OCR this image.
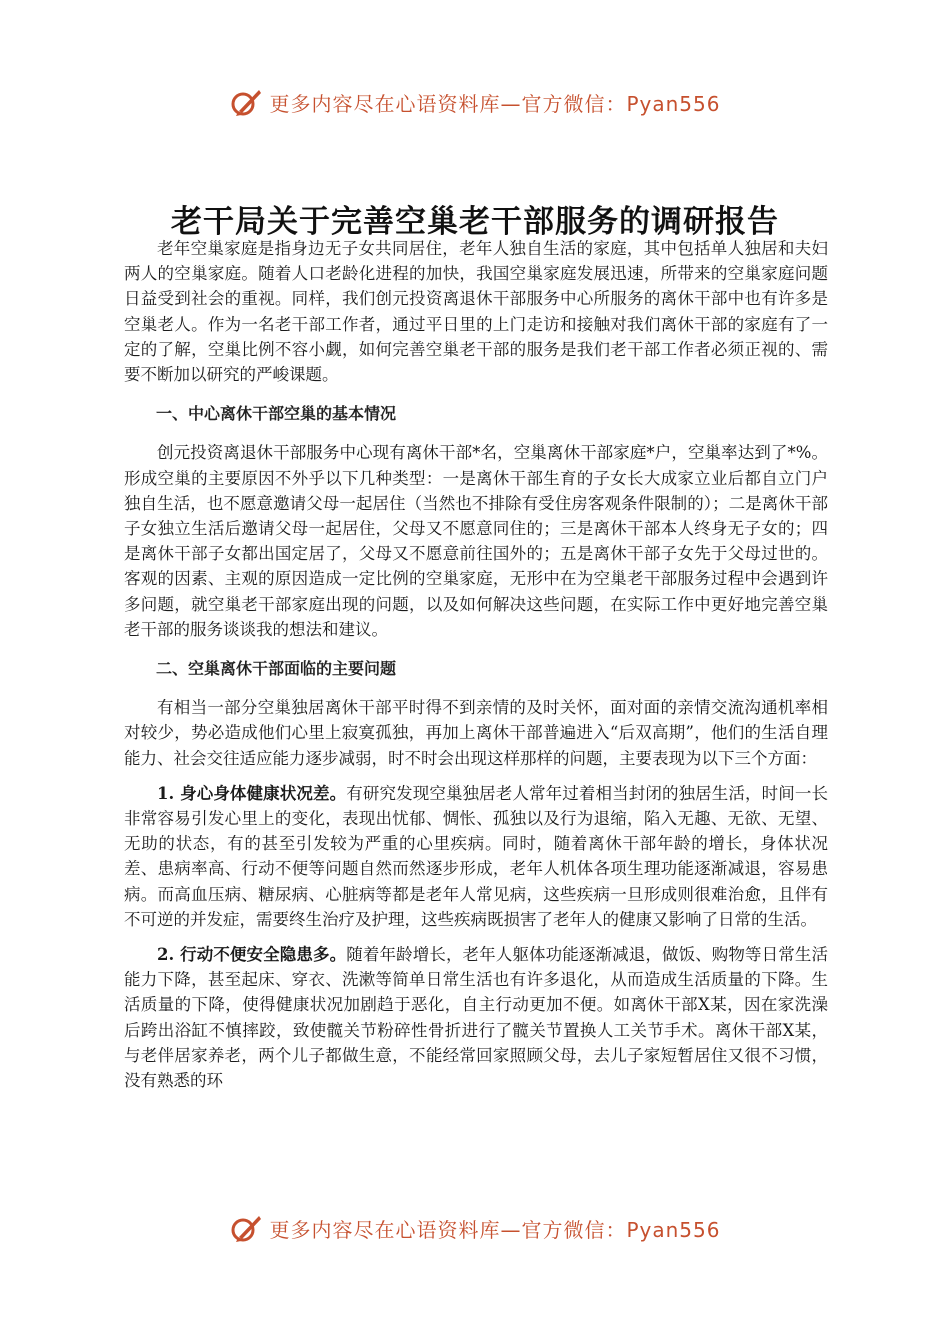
更多内容尽在心语资料库—官方微信：Pyan556
老干局关于完善空巢老干部服务的调研报告

老年空巢家庭是指身边无子女共同居住，老年人独自生活的家庭，其中包括单人独居和夫妇两人的空巢家庭。随着人口老龄化进程的加快，我国空巢家庭发展迅速，所带来的空巢家庭问题日益受到社会的重视。同样，我们创元投资离退休干部服务中心所服务的离休干部中也有许多是空巢老人。作为一名老干部工作者，通过平日里的上门走访和接触对我们离休干部的家庭有了一定的了解，空巢比例不容小觑，如何完善空巢老干部的服务是我们老干部工作者必须正视的、需要不断加以研究的严峻课题。

一、中心离休干部空巢的基本情况

创元投资离退休干部服务中心现有离休干部*名，空巢离休干部家庭*户，空巢率达到了*%。形成空巢的主要原因不外乎以下几种类型：一是离休干部生育的子女长大成家立业后都自立门户独自生活，也不愿意邀请父母一起居住（当然也不排除有受住房客观条件限制的）；二是离休干部子女独立生活后邀请父母一起居住，父母又不愿意同住的；三是离休干部本人终身无子女的；四是离休干部子女都出国定居了，父母又不愿意前往国外的；五是离休干部子女先于父母过世的。客观的因素、主观的原因造成一定比例的空巢家庭，无形中在为空巢老干部服务过程中会遇到许多问题，就空巢老干部家庭出现的问题，以及如何解决这些问题，在实际工作中更好地完善空巢老干部的服务谈谈我的想法和建议。

二、空巢离休干部面临的主要问题

有相当一部分空巢独居离休干部平时得不到亲情的及时关怀，面对面的亲情交流沟通机率相对较少，势必造成他们心里上寂寞孤独，再加上离休干部普遍进入“后双高期”，他们的生活自理能力、社会交往适应能力逐步减弱，时不时会出现这样那样的问题，主要表现为以下三个方面：

1. 身心身体健康状况差。有研究发现空巢独居老人常年过着相当封闭的独居生活，时间一长非常容易引发心里上的变化，表现出忧郁、惆怅、孤独以及行为退缩，陷入无趣、无欲、无望、无助的状态，有的甚至引发较为严重的心里疾病。同时，随着离休干部年龄的增长，身体状况差、患病率高、行动不便等问题自然而然逐步形成，老年人机体各项生理功能逐渐减退，容易患病。而高血压病、糖尿病、心脏病等都是老年人常见病，这些疾病一旦形成则很难治愈，且伴有不可逆的并发症，需要终生治疗及护理，这些疾病既损害了老年人的健康又影响了日常的生活。

2. 行动不便安全隐患多。随着年龄增长，老年人躯体功能逐渐减退，做饭、购物等日常生活能力下降，甚至起床、穿衣、洗漱等简单日常生活也有许多退化，从而造成生活质量的下降。生活质量的下降，使得健康状况加剧趋于恶化，自主行动更加不便。如离休干部X某，因在家洗澡后跨出浴缸不慎摔跤，致使髋关节粉碎性骨折进行了髋关节置换人工关节手术。离休干部X某，与老伴居家养老，两个儿子都做生意，不能经常回家照顾父母，去儿子家短暂居住又很不习惯，没有熟悉的环

更多内容尽在心语资料库—官方微信：Pyan556
